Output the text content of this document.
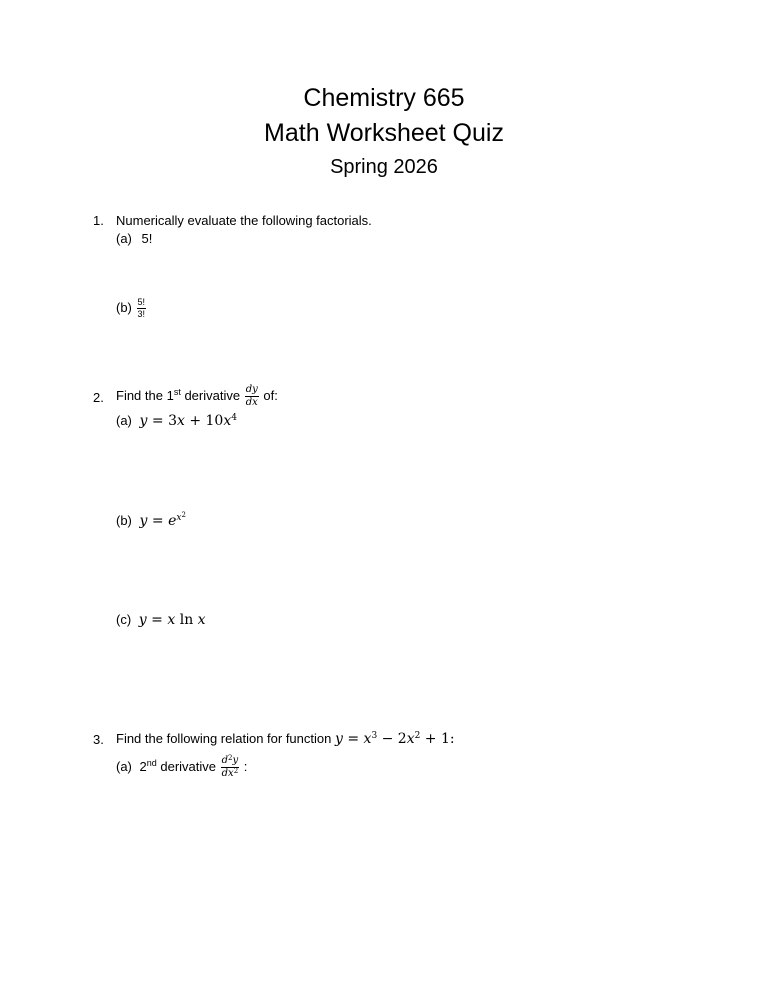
Chemistry 665
Math Worksheet Quiz
Spring 2026
1. Numerically evaluate the following factorials.
(a) 5!
$(b) \frac{5!}{3!}$
2. Find the 1st derivative $\frac{dy}{dx}$ of:
(a) $y = 3x + 10x^4$
(b) $y = e^{x^2}$
(c) y = x ln x
3. Find the following relation for function $y = x^3 - 2x^2 + 1$:
(a) 2nd derivative $\frac{d^2y}{dx^2}$ :
